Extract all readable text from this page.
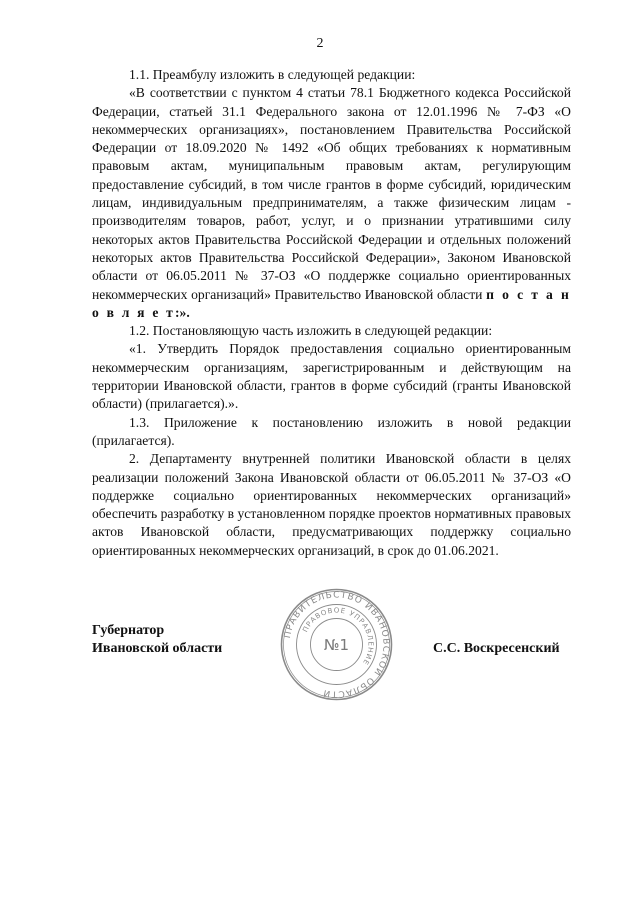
2

1.1. Преамбулу изложить в следующей редакции:

«В соответствии с пунктом 4 статьи 78.1 Бюджетного кодекса Российской Федерации, статьей 31.1 Федерального закона от 12.01.1996 № 7-ФЗ «О некоммерческих организациях», постановлением Правительства Российской Федерации от 18.09.2020 № 1492 «Об общих требованиях к нормативным правовым актам, муниципальным правовым актам, регулирующим предоставление субсидий, в том числе грантов в форме субсидий, юридическим лицам, индивидуальным предпринимателям, а также физическим лицам - производителям товаров, работ, услуг, и о признании утратившими силу некоторых актов Правительства Российской Федерации и отдельных положений некоторых актов Правительства Российской Федерации», Законом Ивановской области от 06.05.2011 № 37-ОЗ «О поддержке социально ориентированных некоммерческих организаций» Правительство Ивановской области п о с т а н о в л я е т:».

1.2. Постановляющую часть изложить в следующей редакции:

«1. Утвердить Порядок предоставления социально ориентированным некоммерческим организациям, зарегистрированным и действующим на территории Ивановской области, грантов в форме субсидий (гранты Ивановской области) (прилагается).».

1.3. Приложение к постановлению изложить в новой редакции (прилагается).

2. Департаменту внутренней политики Ивановской области в целях реализации положений Закона Ивановской области от 06.05.2011 № 37-ОЗ «О поддержке социально ориентированных некоммерческих организаций» обеспечить разработку в установленном порядке проектов нормативных правовых актов Ивановской области, предусматривающих поддержку социально ориентированных некоммерческих организаций, в срок до 01.06.2021.

Губернатор
Ивановской области	С.С. Воскресенский
ПРАВИТЕЛЬСТВО ИВАНОВСКОЙ ОБЛАСТИ
ПРАВОВОЕ УПРАВЛЕНИЕ
№1
